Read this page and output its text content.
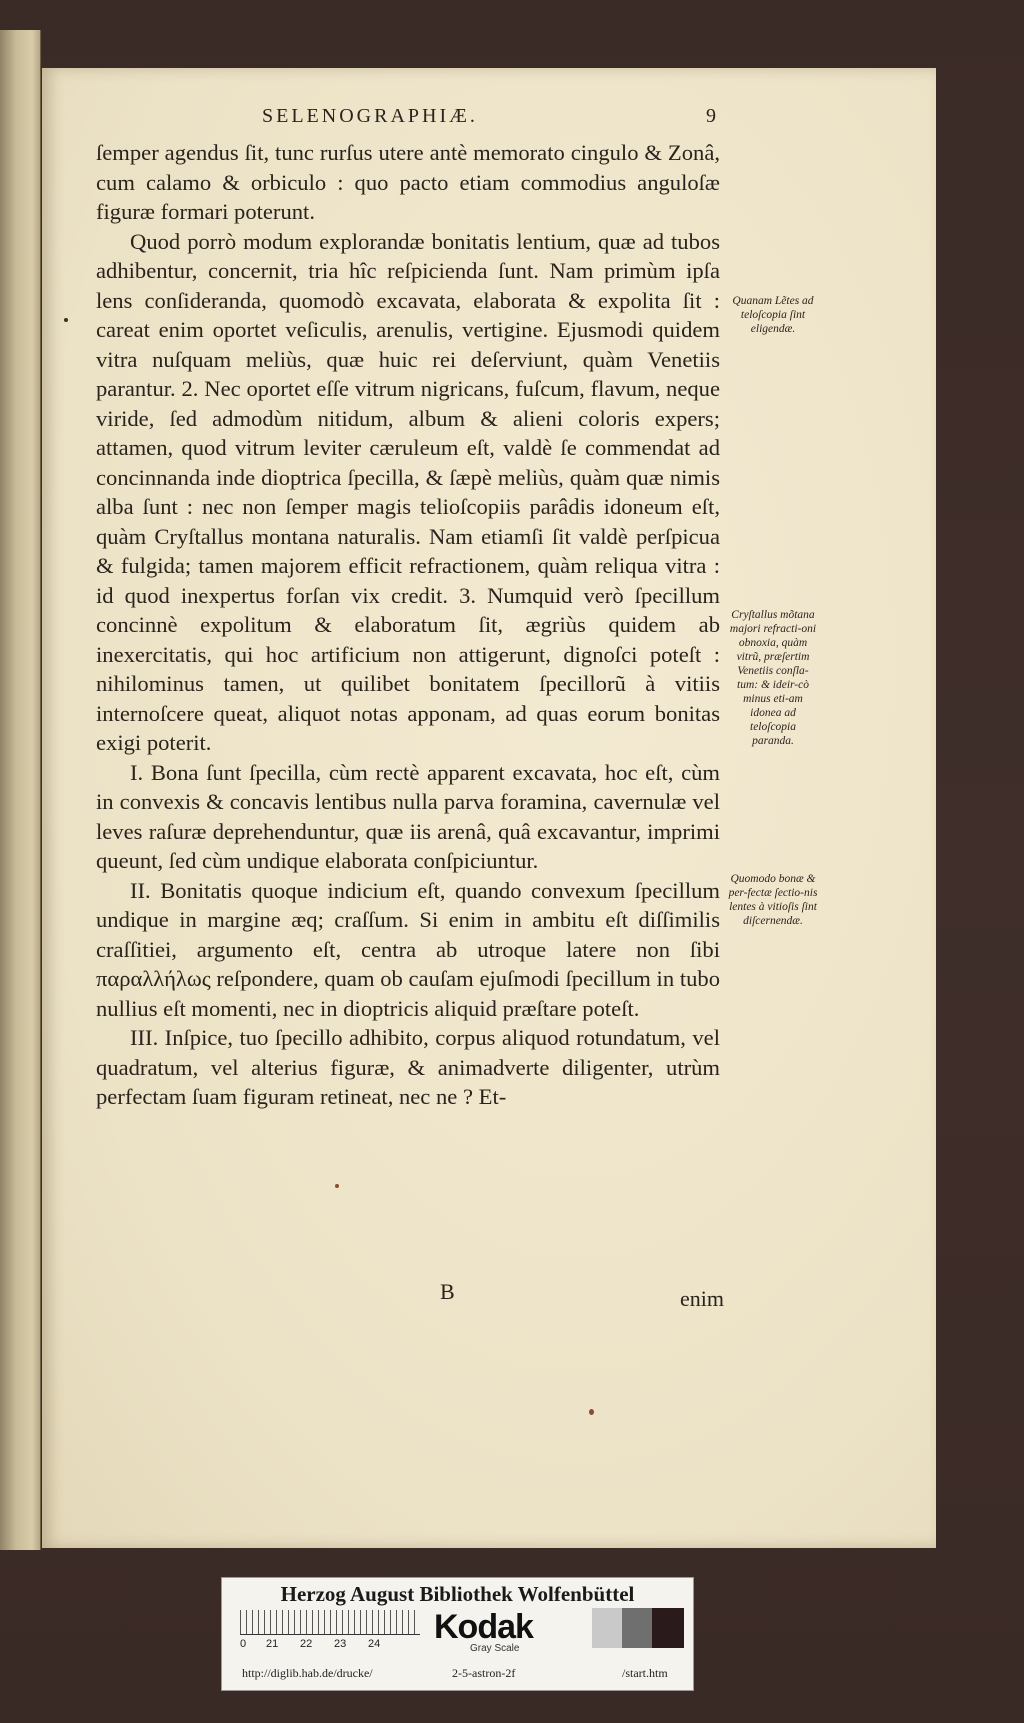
SELENOGRAPHIÆ.	9

ſemper agendus ſit, tunc rurſus utere antè memorato cingulo & Zonâ, cum calamo & orbiculo : quo pacto etiam commodius anguloſæ figuræ formari poterunt.

Quod porrò modum explorandæ bonitatis lentium, quæ ad tubos adhibentur, concernit, tria hîc reſpicienda ſunt. Nam primùm ipſa lens conſideranda, quomodò excavata, elaborata & expolita ſit : careat enim oportet veſiculis, arenulis, vertigine. Ejusmodi quidem vitra nuſquam meliùs, quæ huic rei deſerviunt, quàm Venetiis parantur. 2. Nec oportet eſſe vitrum nigricans, fuſcum, flavum, neque viride, ſed admodùm nitidum, album & alieni coloris expers; attamen, quod vitrum leviter cæruleum eſt, valdè ſe commendat ad concinnanda inde dioptrica ſpecilla, & ſæpè meliùs, quàm quæ nimis alba ſunt : nec non ſemper magis telioſcopiis parâdis idoneum eſt, quàm Cryſtallus montana naturalis. Nam etiamſi ſit valdè perſpicua & fulgida; tamen majorem efficit refractionem, quàm reliqua vitra : id quod inexpertus forſan vix credit. 3. Numquid verò ſpecillum concinnè expolitum & elaboratum ſit, ægriùs quidem ab inexercitatis, qui hoc artificium non attigerunt, dignoſci poteſt : nihilominus tamen, ut quilibet bonitatem ſpecillorũ à vitiis internoſcere queat, aliquot notas apponam, ad quas eorum bonitas exigi poterit.

I. Bona ſunt ſpecilla, cùm rectè apparent excavata, hoc eſt, cùm in convexis & concavis lentibus nulla parva foramina, cavernulæ vel leves raſuræ deprehenduntur, quæ iis arenâ, quâ excavantur, imprimi queunt, ſed cùm undique elaborata conſpiciuntur.

II. Bonitatis quoque indicium eſt, quando convexum ſpecillum undique in margine æq; craſſum. Si enim in ambitu eſt diſſimilis craſſitiei, argumento eſt, centra ab utroque latere non ſibi παραλλήλως reſpondere, quam ob cauſam ejuſmodi ſpecillum in tubo nullius eſt momenti, nec in dioptricis aliquid præſtare poteſt.

III. Inſpice, tuo ſpecillo adhibito, corpus aliquod rotundatum, vel quadratum, vel alterius figuræ, & animadverte diligenter, utrùm perfectam ſuam figuram retineat, nec ne ? Et-

Quanam Lẽtes ad teloſcopia ſint eligendæ.
Cryſtallus mõtana majori refracti-oni obnoxia, quàm vitrũ, præſertim Venetiis conſla-tum: & ideir-cò minus eti-am idonea ad teloſcopia paranda.
Quomodo bonæ & per-fectæ ſectio-nis lentes à vitioſis ſint diſcernendæ.
B	enim
Herzog August Bibliothek Wolfenbüttel
0 21 22 23 24	Kodak
Gray Scale
http://diglib.hab.de/drucke/	2-5-astron-2f	/start.htm
